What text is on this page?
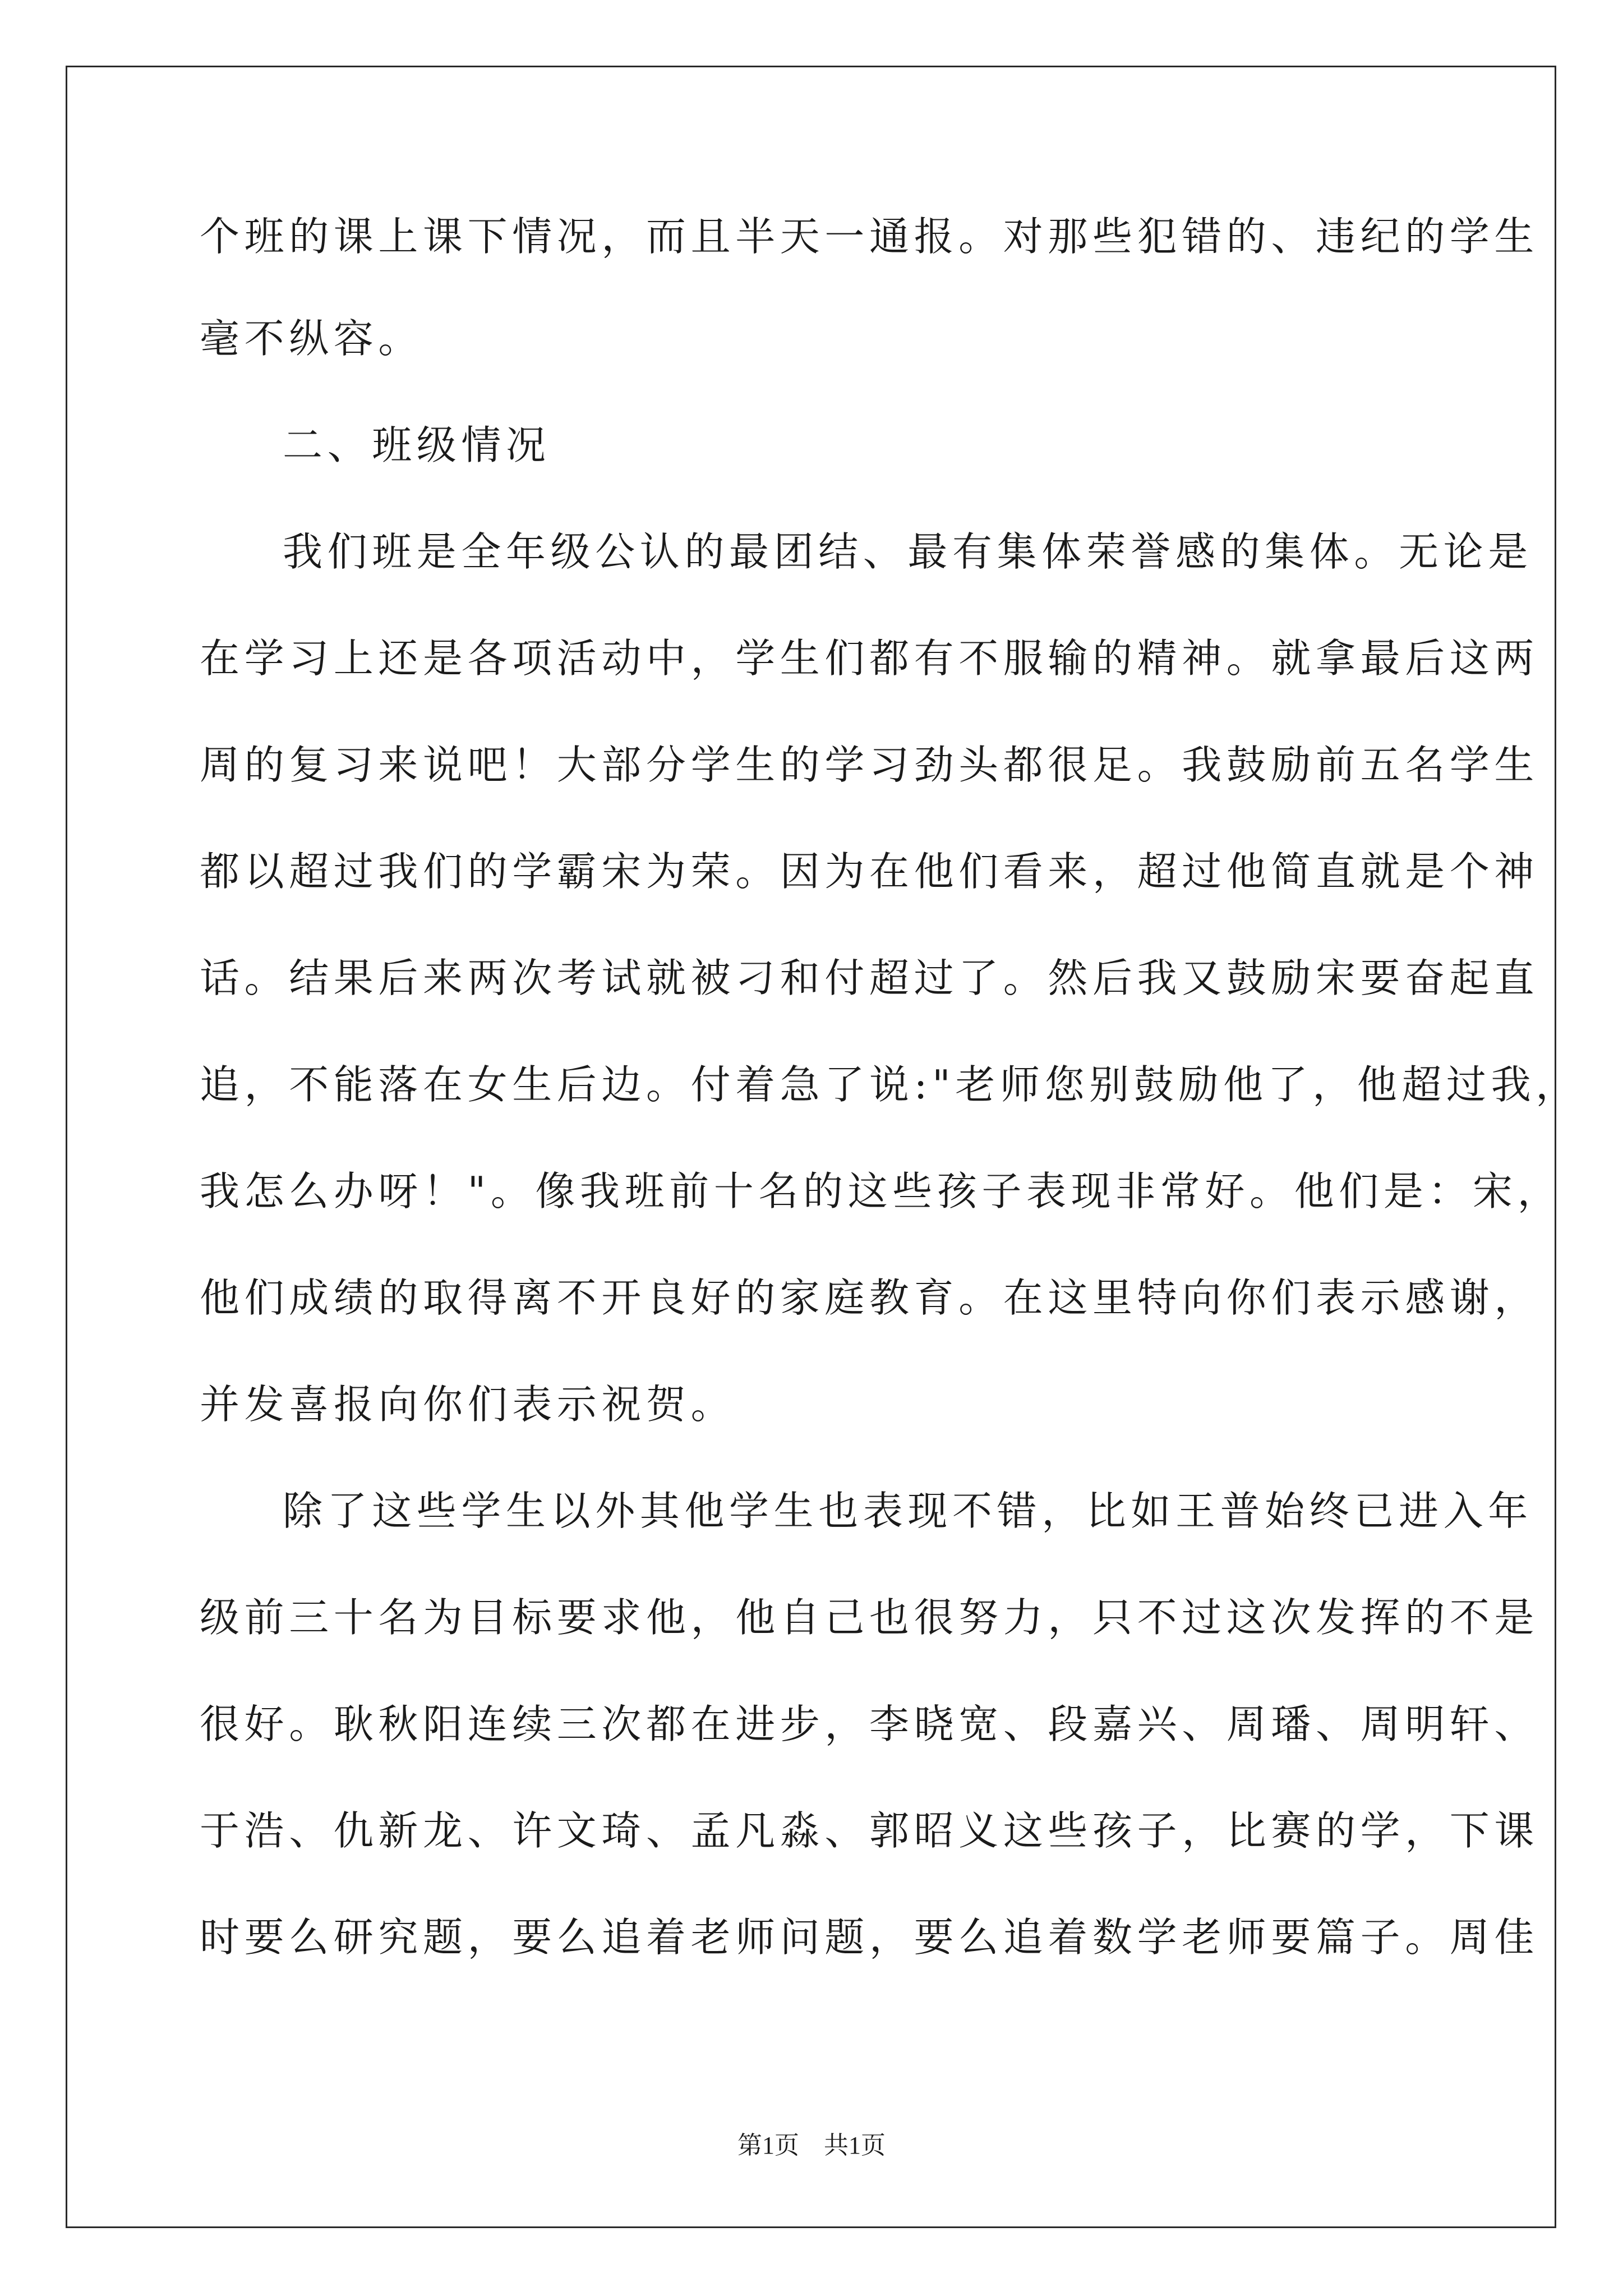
个班的课上课下情况，而且半天一通报。对那些犯错的、违纪的学生
毫不纵容。
二、班级情况
我们班是全年级公认的最团结、最有集体荣誉感的集体。无论是
在学习上还是各项活动中，学生们都有不服输的精神。就拿最后这两
周的复习来说吧！大部分学生的学习劲头都很足。我鼓励前五名学生
都以超过我们的学霸宋为荣。因为在他们看来，超过他简直就是个神
话。结果后来两次考试就被刁和付超过了。然后我又鼓励宋要奋起直
追，不能落在女生后边。付着急了说:"老师您别鼓励他了，他超过我，
我怎么办呀！"。像我班前十名的这些孩子表现非常好。他们是：宋，
他们成绩的取得离不开良好的家庭教育。在这里特向你们表示感谢，
并发喜报向你们表示祝贺。
除了这些学生以外其他学生也表现不错，比如王普始终已进入年
级前三十名为目标要求他，他自己也很努力，只不过这次发挥的不是
很好。耿秋阳连续三次都在进步，李晓宽、段嘉兴、周璠、周明轩、
于浩、仇新龙、许文琦、孟凡淼、郭昭义这些孩子，比赛的学，下课
时要么研究题，要么追着老师问题，要么追着数学老师要篇子。周佳
第1页　共1页
